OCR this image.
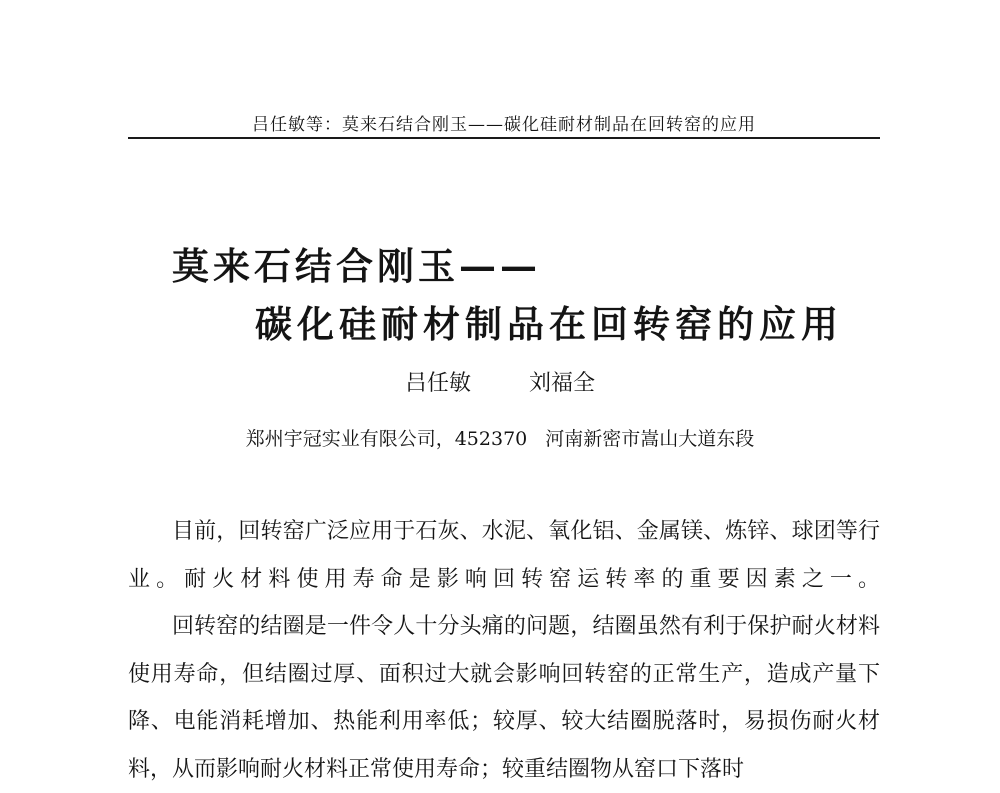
吕任敏等：莫来石结合刚玉——碳化硅耐材制品在回转窑的应用
莫来石结合刚玉——
碳化硅耐材制品在回转窑的应用
吕任敏	刘福全
郑州宇冠实业有限公司，452370 河南新密市嵩山大道东段

目前，回转窑广泛应用于石灰、水泥、氧化铝、金属镁、炼锌、球团等行业。耐火材料使用寿命是影响回转窑运转率的重要因素之一。

回转窑的结圈是一件令人十分头痛的问题，结圈虽然有利于保护耐火材料使用寿命，但结圈过厚、面积过大就会影响回转窑的正常生产，造成产量下降、电能消耗增加、热能利用率低；较厚、较大结圈脱落时，易损伤耐火材料，从而影响耐火材料正常使用寿命；较重结圈物从窑口下落时
